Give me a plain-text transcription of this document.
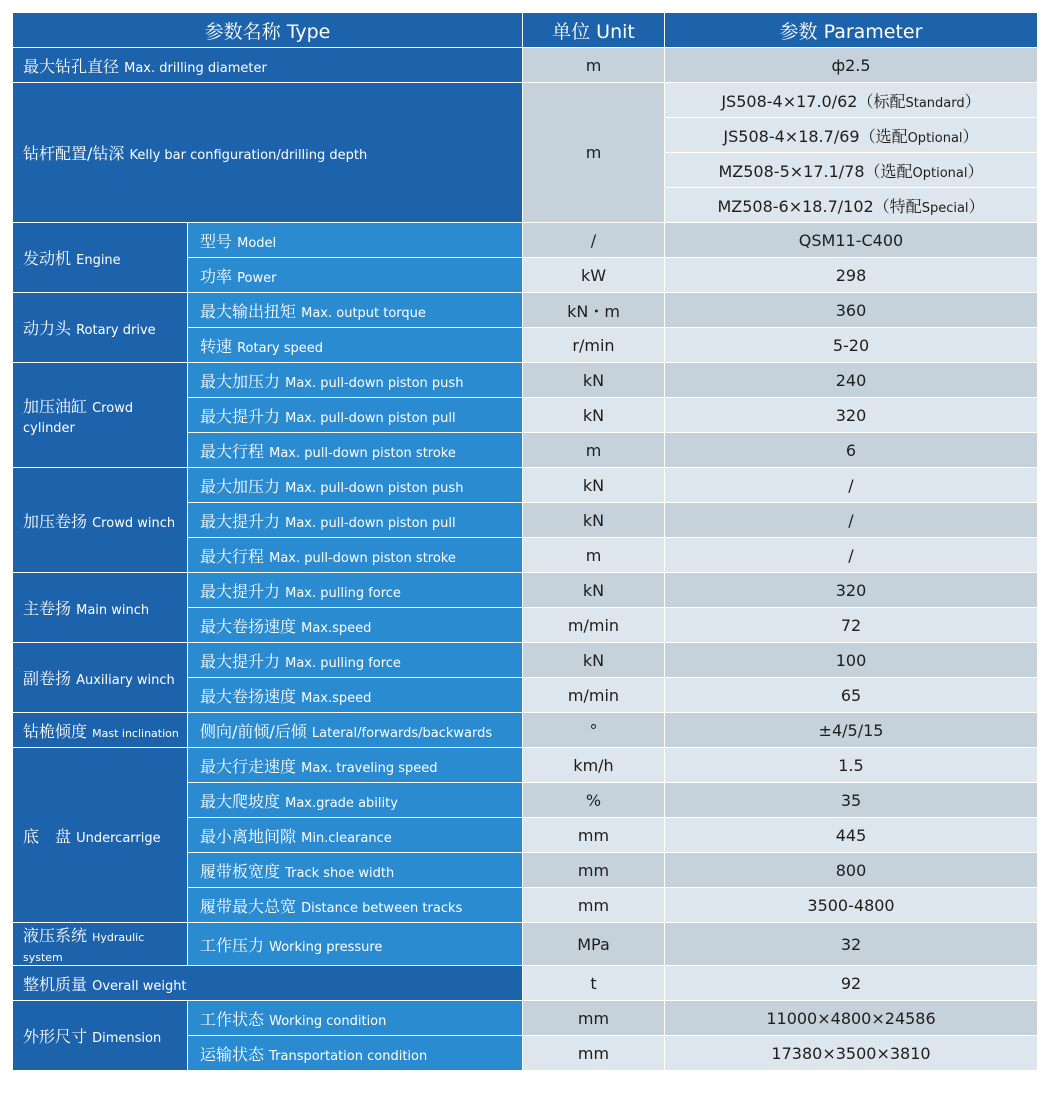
参数名称 Type		单位 Unit	参数 Parameter
最大钻孔直径 Max. drilling diameter		m	ф2.5
钻杆配置/钻深 Kelly bar configuration/drilling depth		m	JS508-4×17.0/62（标配Standard）
			JS508-4×18.7/69（选配Optional）
			MZ508-5×17.1/78（选配Optional）
			MZ508-6×18.7/102（特配Special）
发动机 Engine	型号 Model	/	QSM11-C400
	功率 Power	kW	298
动力头 Rotary drive	最大输出扭矩 Max. output torque	kN・m	360
	转速 Rotary speed	r/min	5-20
加压油缸 Crowd cylinder	最大加压力 Max. pull-down piston push	kN	240
	最大提升力 Max. pull-down piston pull	kN	320
	最大行程 Max. pull-down piston stroke	m	6
加压卷扬 Crowd winch	最大加压力 Max. pull-down piston push	kN	/
	最大提升力 Max. pull-down piston pull	kN	/
	最大行程 Max. pull-down piston stroke	m	/
主卷扬 Main winch	最大提升力 Max. pulling force	kN	320
	最大卷扬速度 Max.speed	m/min	72
副卷扬 Auxiliary winch	最大提升力 Max. pulling force	kN	100
	最大卷扬速度 Max.speed	m/min	65
钻桅倾度 Mast inclination	侧向/前倾/后倾 Lateral/forwards/backwards	°	±4/5/15
底　盘 Undercarrige	最大行走速度 Max. traveling speed	km/h	1.5
	最大爬坡度 Max.grade ability	%	35
	最小离地间隙 Min.clearance	mm	445
	履带板宽度 Track shoe width	mm	800
	履带最大总宽 Distance between tracks	mm	3500-4800
液压系统 Hydraulic system	工作压力 Working pressure	MPa	32
整机质量 Overall weight		t	92
外形尺寸 Dimension	工作状态 Working condition	mm	11000×4800×24586
	运输状态 Transportation condition	mm	17380×3500×3810
